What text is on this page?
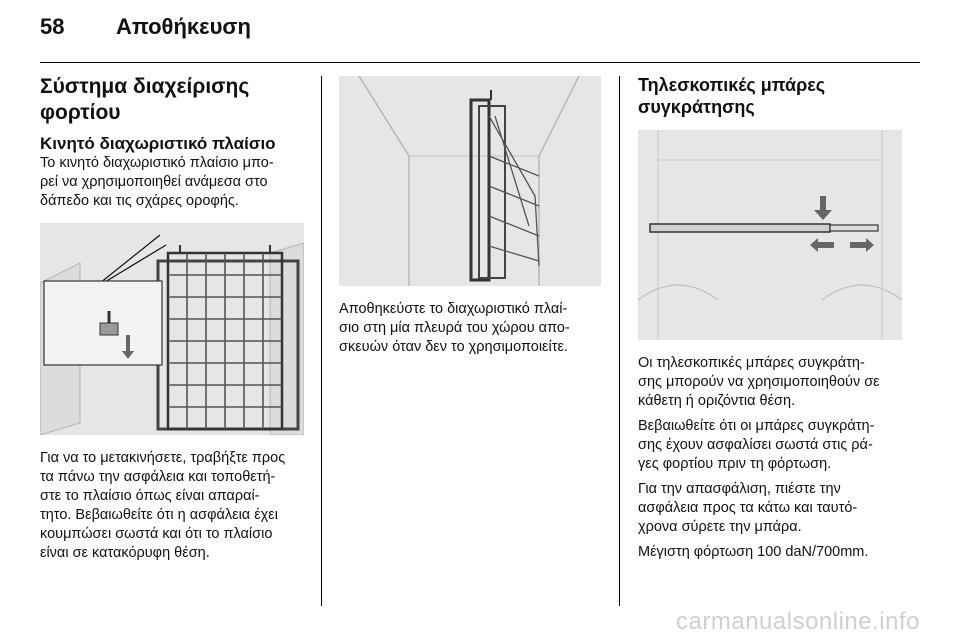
58	Αποθήκευση
Σύστημα διαχείρισης
φορτίου
Κινητό διαχωριστικό πλαίσιο

Το κινητό διαχωριστικό πλαίσιο μπο-
ρεί να χρησιμοποιηθεί ανάμεσα στο
δάπεδο και τις σχάρες οροφής.

Για να το μετακινήσετε, τραβήξτε προς
τα πάνω την ασφάλεια και τοποθετή-
στε το πλαίσιο όπως είναι απαραί-
τητο. Βεβαιωθείτε ότι η ασφάλεια έχει
κουμπώσει σωστά και ότι το πλαίσιο
είναι σε κατακόρυφη θέση.

Αποθηκεύστε το διαχωριστικό πλαί-
σιο στη μία πλευρά του χώρου απο-
σκευών όταν δεν το χρησιμοποιείτε.

Τηλεσκοπικές μπάρες
συγκράτησης

Οι τηλεσκοπικές μπάρες συγκράτη-
σης μπορούν να χρησιμοποιηθούν σε
κάθετη ή οριζόντια θέση.

Βεβαιωθείτε ότι οι μπάρες συγκράτη-
σης έχουν ασφαλίσει σωστά στις ρά-
γες φορτίου πριν τη φόρτωση.

Για την απασφάλιση, πιέστε την
ασφάλεια προς τα κάτω και ταυτό-
χρονα σύρετε την μπάρα.

Μέγιστη φόρτωση 100 daN/700mm.

carmanualsonline.info
